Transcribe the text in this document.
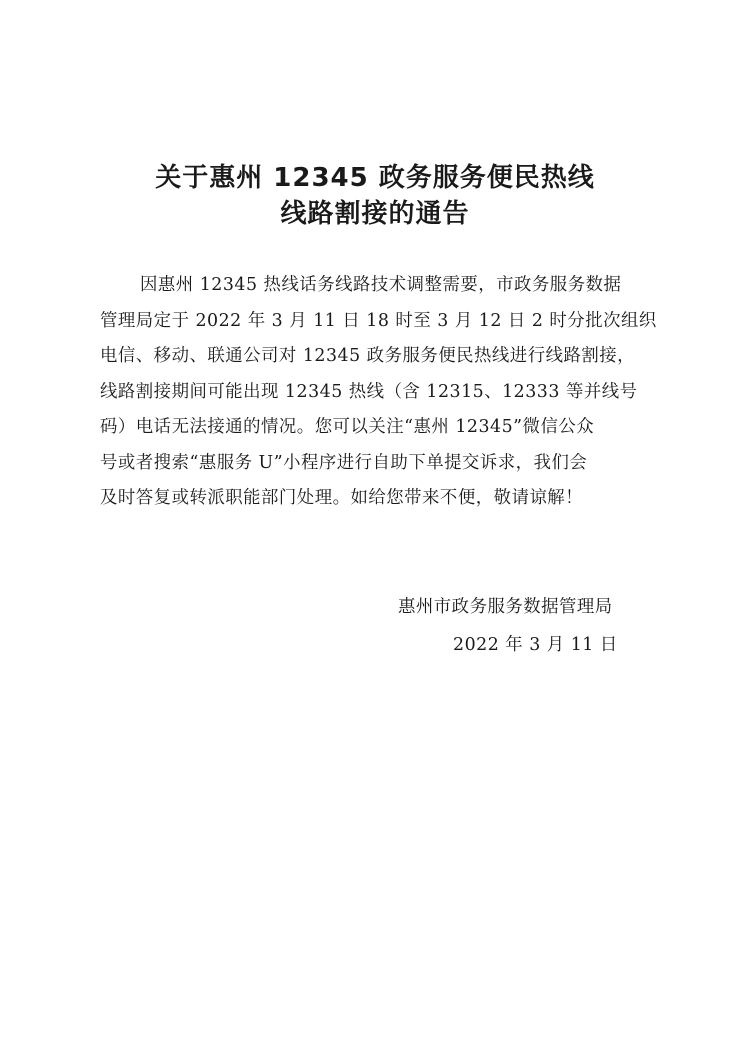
关于惠州 12345 政务服务便民热线
线路割接的通告
因惠州 12345 热线话务线路技术调整需要，市政务服务数据
管理局定于 2022 年 3 月 11 日 18 时至 3 月 12 日 2 时分批次组织
电信、移动、联通公司对 12345 政务服务便民热线进行线路割接，
线路割接期间可能出现 12345 热线（含 12315、12333 等并线号
码）电话无法接通的情况。您可以关注“惠州 12345”微信公众
号或者搜索“惠服务 U”小程序进行自助下单提交诉求，我们会
及时答复或转派职能部门处理。如给您带来不便，敬请谅解！
惠州市政务服务数据管理局
2022 年 3 月 11 日
